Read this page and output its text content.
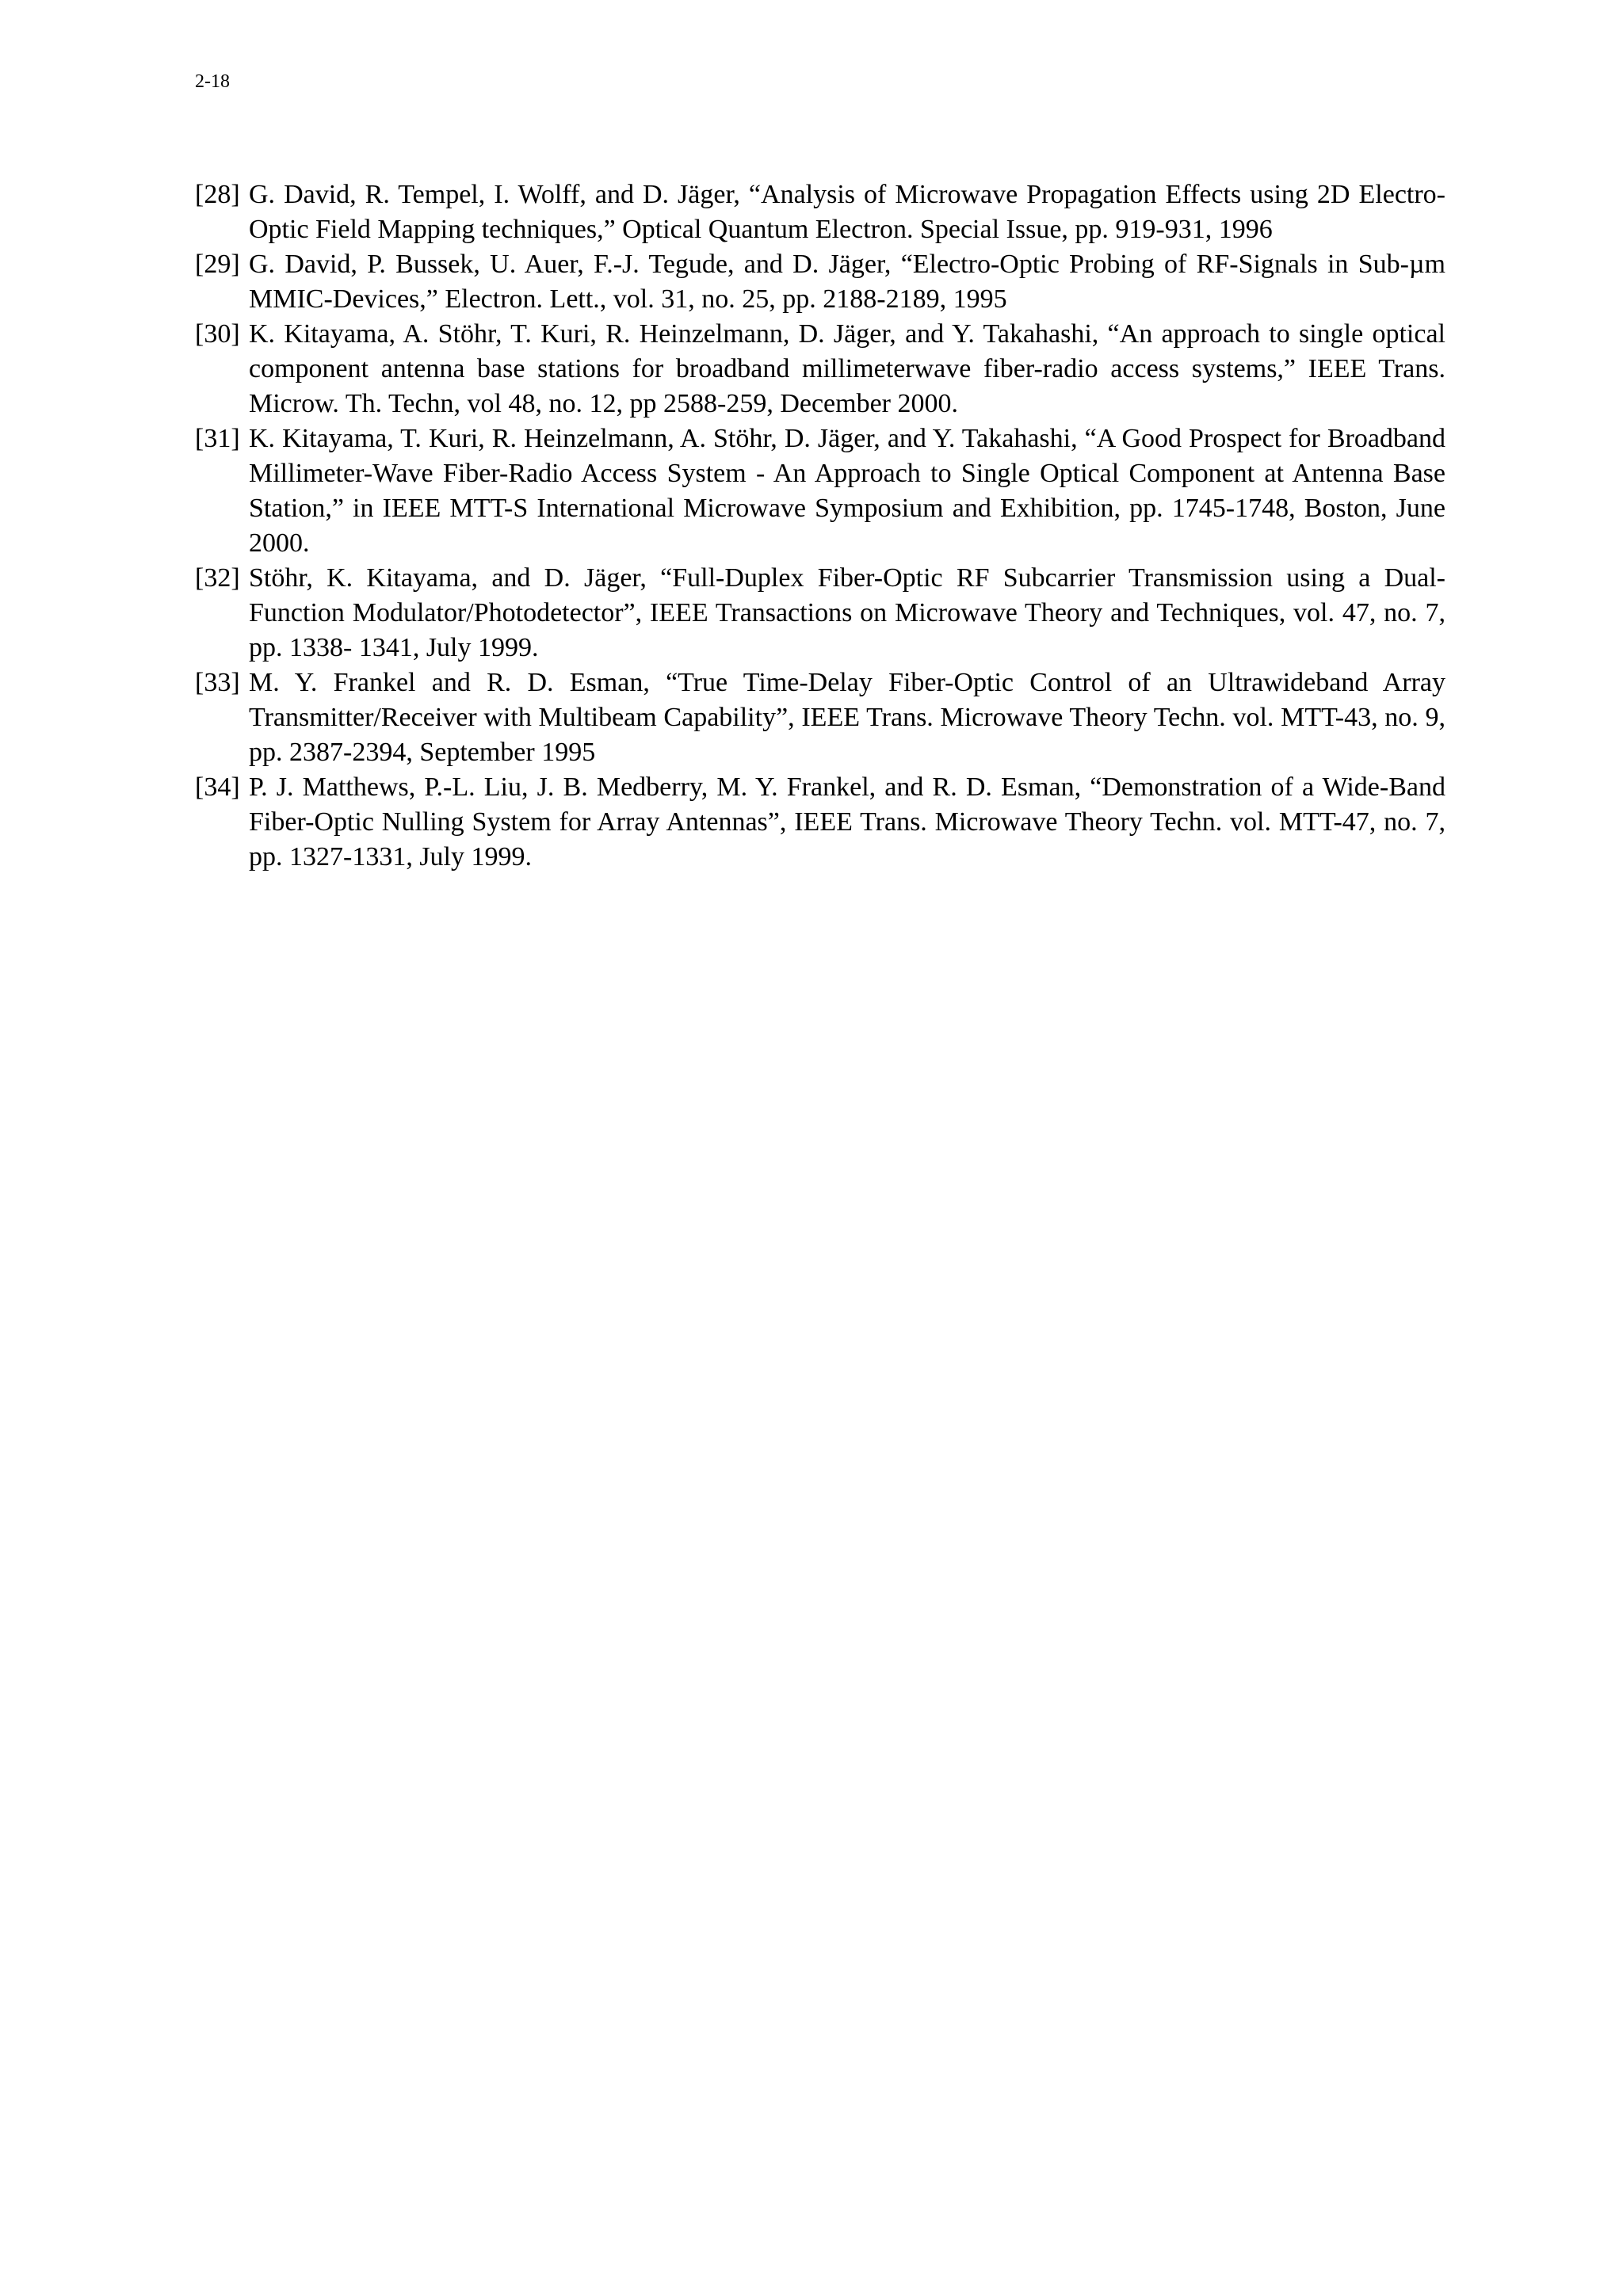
2-18
[28] G. David, R. Tempel, I. Wolff, and D. Jäger, “Analysis of Microwave Propagation Effects using 2D Electro-Optic Field Mapping techniques,” Optical Quantum Electron. Special Issue, pp. 919-931, 1996
[29] G. David, P. Bussek, U. Auer, F.-J. Tegude, and D. Jäger, “Electro-Optic Probing of RF-Signals in Sub-µm MMIC-Devices,” Electron. Lett., vol. 31, no. 25, pp. 2188-2189, 1995
[30] K. Kitayama, A. Stöhr, T. Kuri, R. Heinzelmann, D. Jäger, and Y. Takahashi, “An approach to single optical component antenna base stations for broadband millimeterwave fiber-radio access systems,” IEEE Trans. Microw. Th. Techn, vol 48, no. 12, pp 2588-259, December 2000.
[31] K. Kitayama, T. Kuri, R. Heinzelmann, A. Stöhr, D. Jäger, and Y. Takahashi, “A Good Prospect for Broadband Millimeter-Wave Fiber-Radio Access System - An Approach to Single Optical Component at Antenna Base Station,” in IEEE MTT-S International Microwave Symposium and Exhibition, pp. 1745-1748, Boston, June 2000.
[32] Stöhr, K. Kitayama, and D. Jäger, “Full-Duplex Fiber-Optic RF Subcarrier Transmission using a Dual-Function Modulator/Photodetector”, IEEE Transactions on Microwave Theory and Techniques, vol. 47, no. 7, pp. 1338- 1341, July 1999.
[33] M. Y. Frankel and R. D. Esman, “True Time-Delay Fiber-Optic Control of an Ultrawideband Array Transmitter/Receiver with Multibeam Capability”, IEEE Trans. Microwave Theory Techn. vol. MTT-43, no. 9, pp. 2387-2394, September 1995
[34] P. J. Matthews, P.-L. Liu, J. B. Medberry, M. Y. Frankel, and R. D. Esman, “Demonstration of a Wide-Band Fiber-Optic Nulling System for Array Antennas”, IEEE Trans. Microwave Theory Techn. vol. MTT-47, no. 7, pp. 1327-1331, July 1999.
